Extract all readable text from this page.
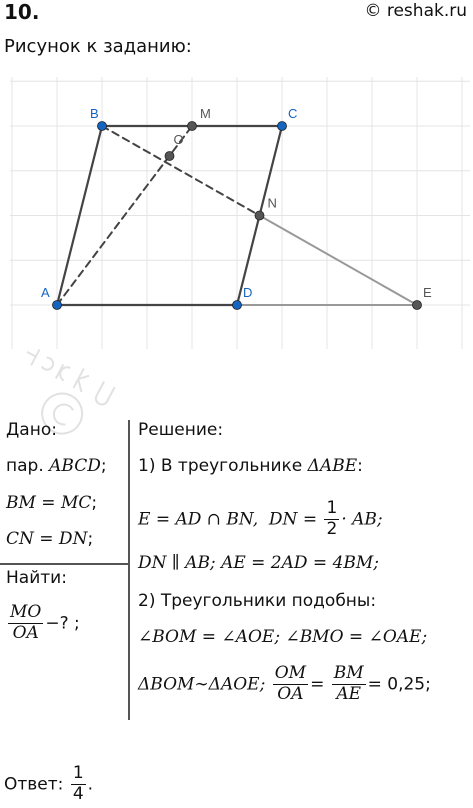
10.	© reshak.ru
Рисунок к заданию:
B	M	C
O
N
A	D	E
Дано:
пар. ABCD;
BM = MC;
CN = DN;
Найти:
$\frac{MO}{OA}$ −? ;
Решение:
1) В треугольнике ΔABE:
E = AD ∩ BN, DN = $\frac{1}{2}$ · AB;
DN ∥ AB; AE = 2AD = 4BM;
2) Треугольники подобны:
∠BOM = ∠AOE; ∠BMO = ∠OAE;
ΔBOM∼ΔAOE; $\frac{OM}{OA} = \frac{BM}{AE} = 0,25$;
Ответ: $\frac{1}{4}$ .
